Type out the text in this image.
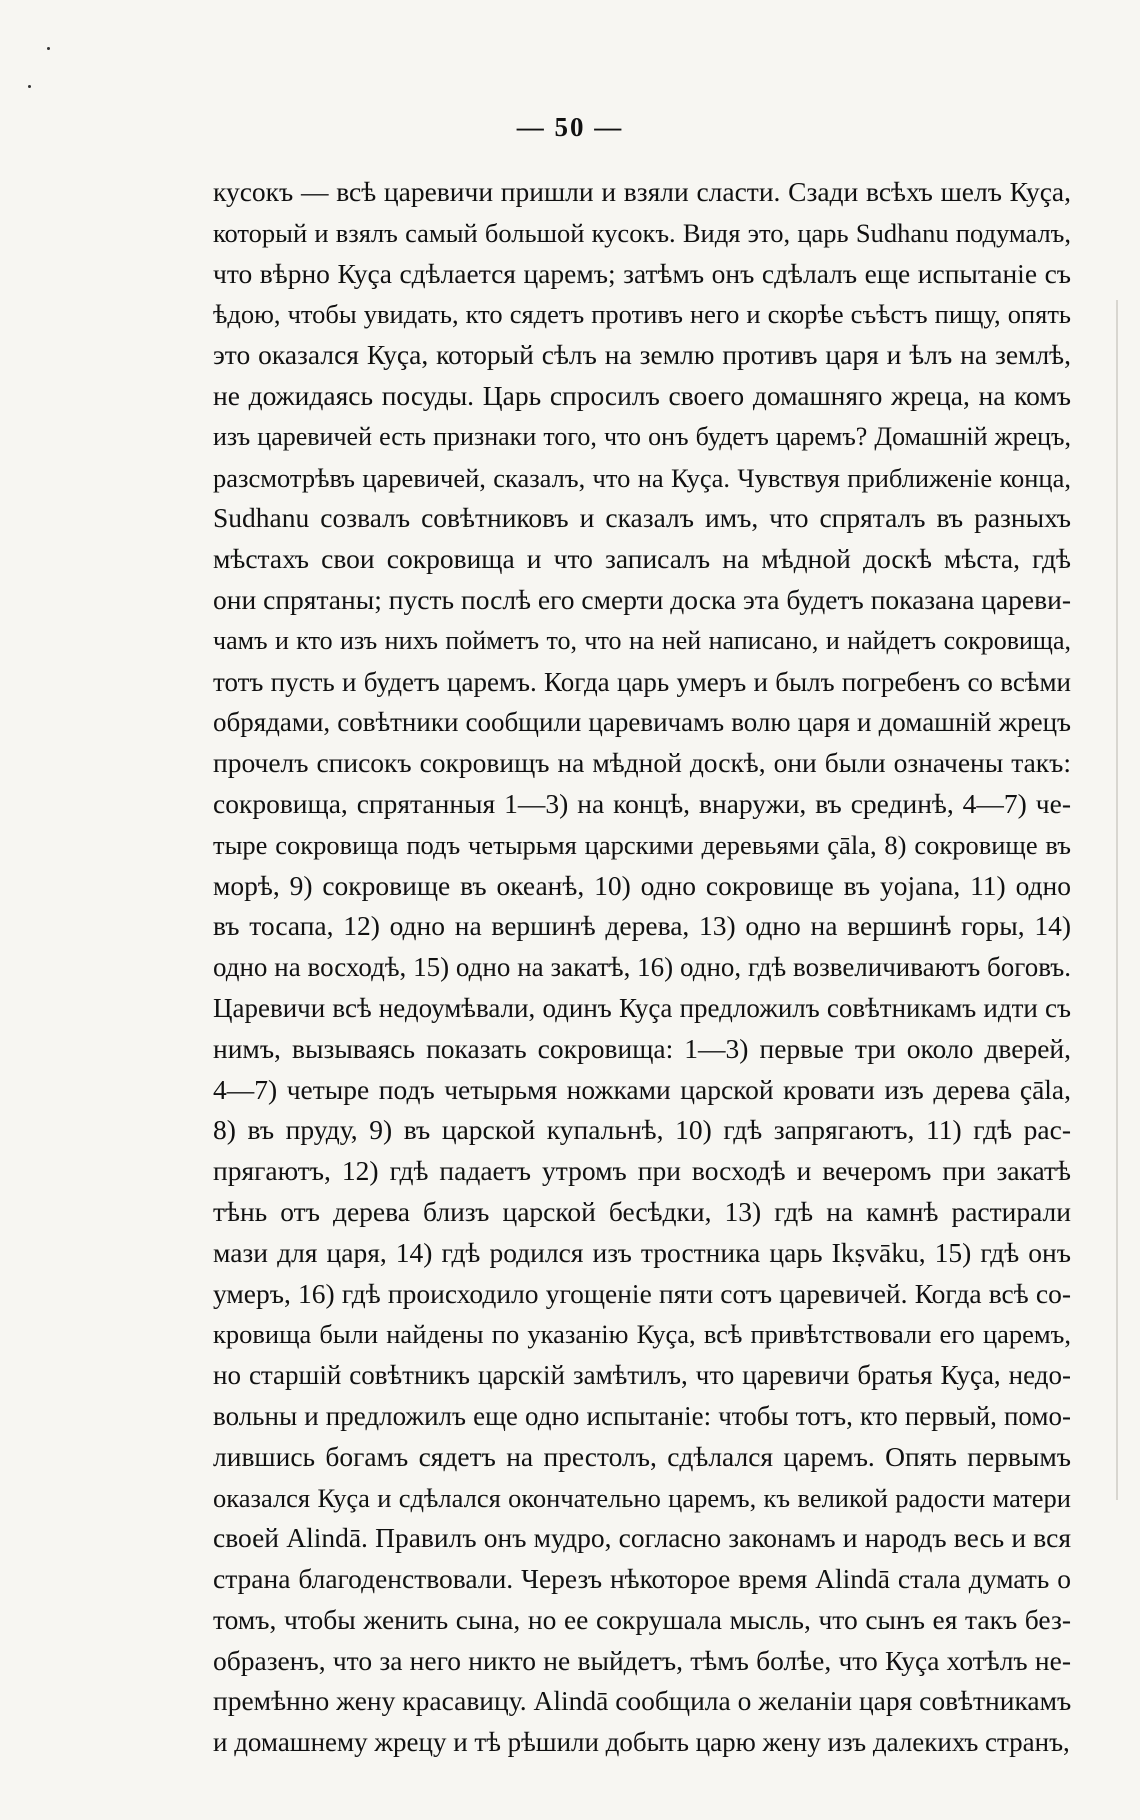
— 50 —
кусокъ — всѣ царевичи пришли и взяли сласти. Сзади всѣхъ шелъ Куça,
который и взялъ самый большой кусокъ. Видя это, царь Sudhanu подумалъ,
что вѣрно Куça сдѣлается царемъ; затѣмъ онъ сдѣлалъ еще испытаніе съ
ѣдою, чтобы увидать, кто сядетъ противъ него и скорѣе съѣстъ пищу, опять
это оказался Куça, который сѣлъ на землю противъ царя и ѣлъ на землѣ,
не дожидаясь посуды. Царь спросилъ своего домашняго жреца, на комъ
изъ царевичей есть признаки того, что онъ будетъ царемъ? Домашній жрецъ,
разсмотрѣвъ царевичей, сказалъ, что на Куça. Чувствуя приближеніе конца,
Sudhanu созвалъ совѣтниковъ и сказалъ имъ, что спряталъ въ разныхъ
мѣстахъ свои сокровища и что записалъ на мѣдной доскѣ мѣста, гдѣ
они спрятаны; пусть послѣ его смерти доска эта будетъ показана цареви-
чамъ и кто изъ нихъ пойметъ то, что на ней написано, и найдетъ сокровища,
тотъ пусть и будетъ царемъ. Когда царь умеръ и былъ погребенъ со всѣми
обрядами, совѣтники сообщили царевичамъ волю царя и домашній жрецъ
прочелъ списокъ сокровищъ на мѣдной доскѣ, они были означены такъ:
сокровища, спрятанныя 1—3) на концѣ, внаружи, въ срединѣ, 4—7) че-
тыре сокровища подъ четырьмя царскими деревьями çāla, 8) сокровище въ
морѣ, 9) сокровище въ океанѣ, 10) одно сокровище въ yojana, 11) одно
въ тосапа, 12) одно на вершинѣ дерева, 13) одно на вершинѣ горы, 14)
одно на восходѣ, 15) одно на закатѣ, 16) одно, гдѣ возвеличиваютъ боговъ.
Царевичи всѣ недоумѣвали, одинъ Куça предложилъ совѣтникамъ идти съ
нимъ, вызываясь показать сокровища: 1—3) первые три около дверей,
4—7) четыре подъ четырьмя ножками царской кровати изъ дерева çāla,
8) въ пруду, 9) въ царской купальнѣ, 10) гдѣ запрягаютъ, 11) гдѣ рас-
прягаютъ, 12) гдѣ падаетъ утромъ при восходѣ и вечеромъ при закатѣ
тѣнь отъ дерева близъ царской бесѣдки, 13) гдѣ на камнѣ растирали
мази для царя, 14) гдѣ родился изъ тростника царь Ikṣvāku, 15) гдѣ онъ
умеръ, 16) гдѣ происходило угощеніе пяти сотъ царевичей. Когда всѣ со-
кровища были найдены по указанію Куça, всѣ привѣтствовали его царемъ,
но старшій совѣтникъ царскій замѣтилъ, что царевичи братья Куça, недо-
вольны и предложилъ еще одно испытаніе: чтобы тотъ, кто первый, помо-
лившись богамъ сядетъ на престолъ, сдѣлался царемъ. Опять первымъ
оказался Куça и сдѣлался окончательно царемъ, къ великой радости матери
своей Alindā. Правилъ онъ мудро, согласно законамъ и народъ весь и вся
страна благоденствовали. Черезъ нѣкоторое время Alindā стала думать о
томъ, чтобы женить сына, но ее сокрушала мысль, что сынъ ея такъ без-
образенъ, что за него никто не выйдетъ, тѣмъ болѣе, что Куça хотѣлъ не-
премѣнно жену красавицу. Alindā сообщила о желаніи царя совѣтникамъ
и домашнему жрецу и тѣ рѣшили добыть царю жену изъ далекихъ странъ,
